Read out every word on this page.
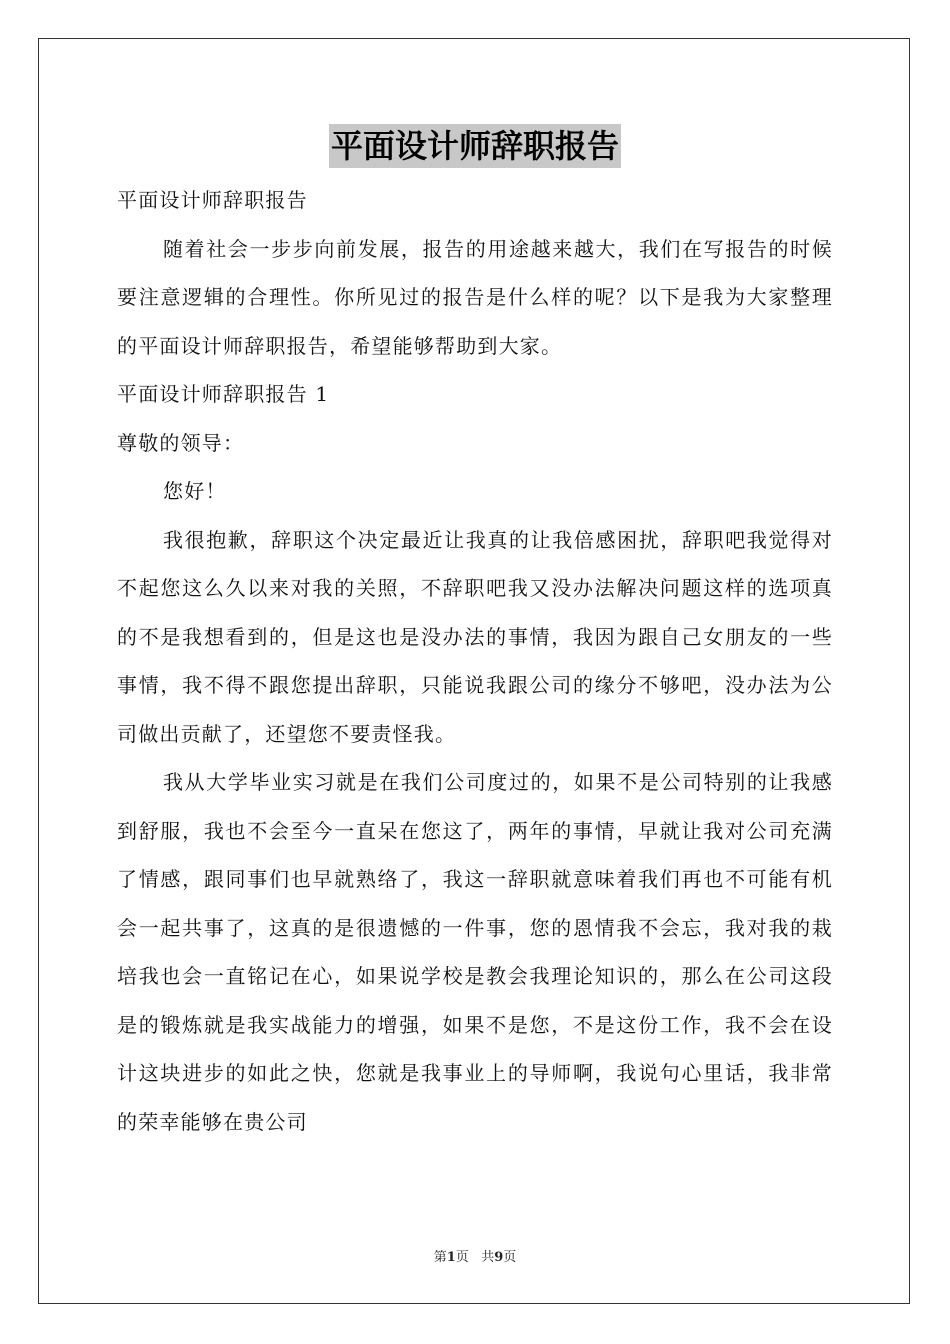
平面设计师辞职报告

平面设计师辞职报告

随着社会一步步向前发展，报告的用途越来越大，我们在写报告的时候要注意逻辑的合理性。你所见过的报告是什么样的呢？以下是我为大家整理的平面设计师辞职报告，希望能够帮助到大家。

平面设计师辞职报告 1

尊敬的领导：

您好！

我很抱歉，辞职这个决定最近让我真的让我倍感困扰，辞职吧我觉得对不起您这么久以来对我的关照，不辞职吧我又没办法解决问题这样的选项真的不是我想看到的，但是这也是没办法的事情，我因为跟自己女朋友的一些事情，我不得不跟您提出辞职，只能说我跟公司的缘分不够吧，没办法为公司做出贡献了，还望您不要责怪我。

我从大学毕业实习就是在我们公司度过的，如果不是公司特别的让我感到舒服，我也不会至今一直呆在您这了，两年的事情，早就让我对公司充满了情感，跟同事们也早就熟络了，我这一辞职就意味着我们再也不可能有机会一起共事了，这真的是很遗憾的一件事，您的恩情我不会忘，我对我的栽培我也会一直铭记在心，如果说学校是教会我理论知识的，那么在公司这段是的锻炼就是我实战能力的增强，如果不是您，不是这份工作，我不会在设计这块进步的如此之快，您就是我事业上的导师啊，我说句心里话，我非常的荣幸能够在贵公司

第1页 共9页
